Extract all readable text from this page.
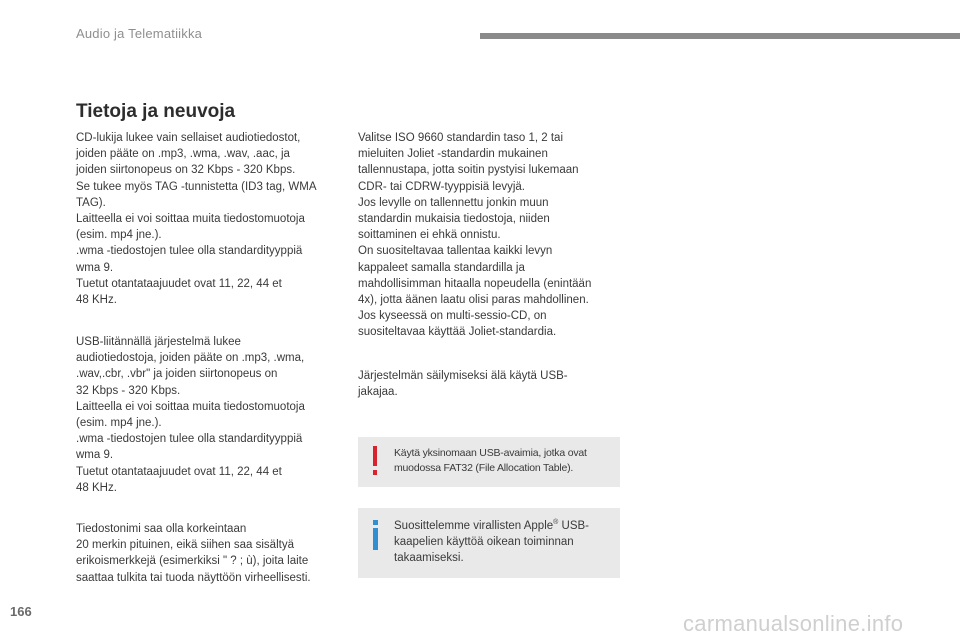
Audio ja Telematiikka
Tietoja ja neuvoja

CD-lukija lukee vain sellaiset audiotiedostot,
joiden pääte on .mp3, .wma, .wav, .aac, ja
joiden siirtonopeus on 32 Kbps - 320 Kbps.
Se tukee myös TAG -tunnistetta (ID3 tag, WMA
TAG).
Laitteella ei voi soittaa muita tiedostomuotoja
(esim. mp4 jne.).
.wma -tiedostojen tulee olla standardityyppiä
wma 9.
Tuetut otantataajuudet ovat 11, 22, 44 et
48 KHz.

USB-liitännällä järjestelmä lukee
audiotiedostoja, joiden pääte on .mp3, .wma,
.wav,.cbr, .vbr" ja joiden siirtonopeus on
32 Kbps - 320 Kbps.
Laitteella ei voi soittaa muita tiedostomuotoja
(esim. mp4 jne.).
.wma -tiedostojen tulee olla standardityyppiä
wma 9.
Tuetut otantataajuudet ovat 11, 22, 44 et
48 KHz.

Tiedostonimi saa olla korkeintaan
20 merkin pituinen, eikä siihen saa sisältyä
erikoismerkkejä (esimerkiksi " ? ; ù), joita laite
saattaa tulkita tai tuoda näyttöön virheellisesti.

Valitse ISO 9660 standardin taso 1, 2 tai
mieluiten Joliet -standardin mukainen
tallennustapa, jotta soitin pystyisi lukemaan
CDR- tai CDRW-tyyppisiä levyjä.
Jos levylle on tallennettu jonkin muun
standardin mukaisia tiedostoja, niiden
soittaminen ei ehkä onnistu.
On suositeltavaa tallentaa kaikki levyn
kappaleet samalla standardilla ja
mahdollisimman hitaalla nopeudella (enintään
4x), jotta äänen laatu olisi paras mahdollinen.
Jos kyseessä on multi-sessio-CD, on
suositeltavaa käyttää Joliet-standardia.

Järjestelmän säilymiseksi älä käytä USB-
jakajaa.

Käytä yksinomaan USB-avaimia, jotka ovat
muodossa FAT32 (File Allocation Table).

Suosittelemme virallisten Apple® USB-
kaapelien käyttöä oikean toiminnan
takaamiseksi.

166	carmanualsonline.info
